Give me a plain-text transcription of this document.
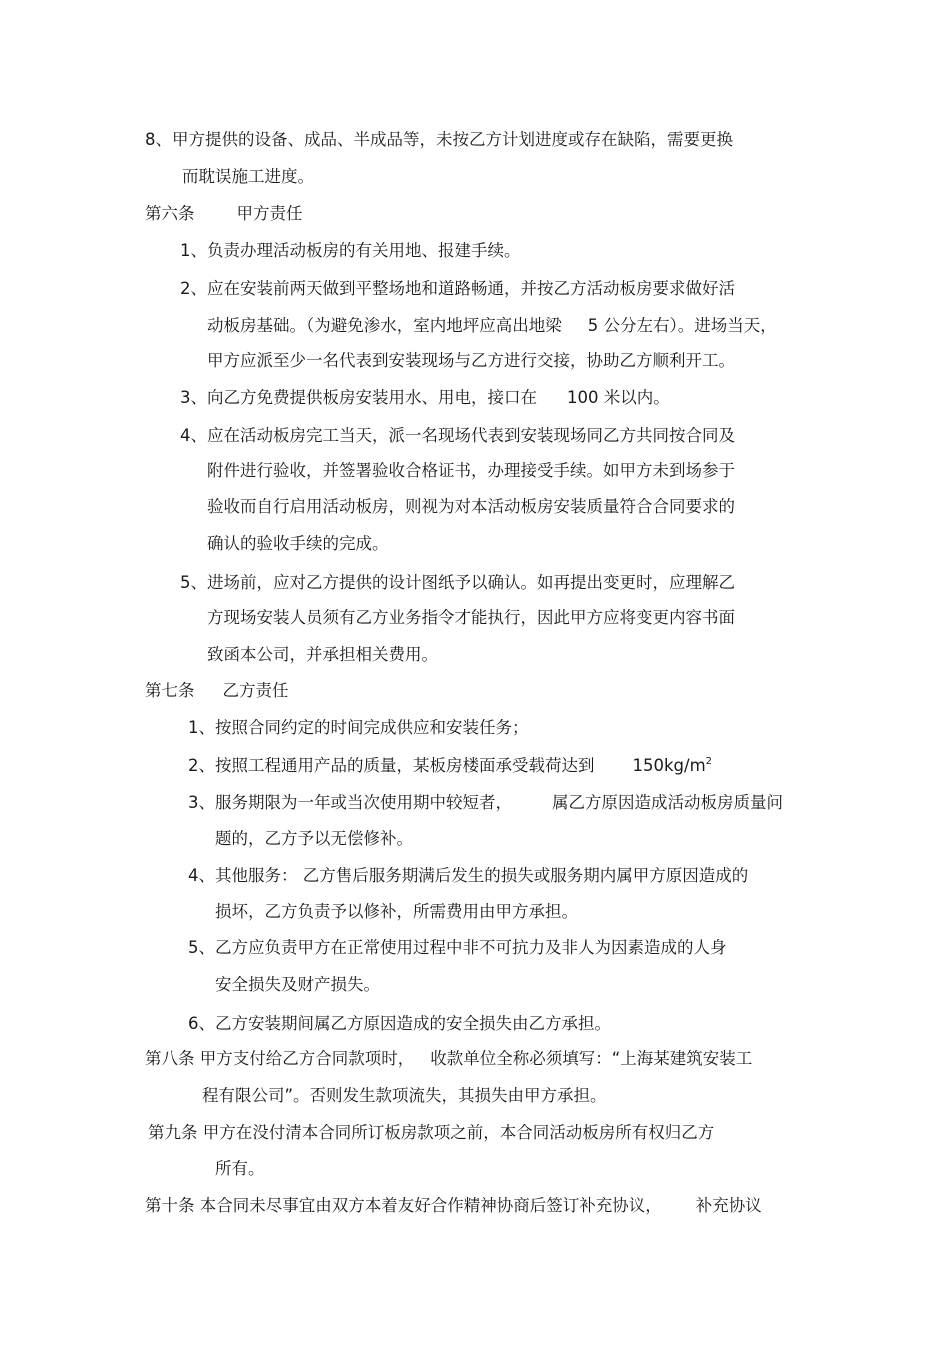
8、甲方提供的设备、成品、半成品等，未按乙方计划进度或存在缺陷，需要更换
而耽误施工进度。
第六条	甲方责任
1、负责办理活动板房的有关用地、报建手续。
2、应在安装前两天做到平整场地和道路畅通，并按乙方活动板房要求做好活
动板房基础。（为避免渗水，室内地坪应高出地梁 5 公分左右）。进场当天，
甲方应派至少一名代表到安装现场与乙方进行交接，协助乙方顺利开工。
3、向乙方免费提供板房安装用水、用电，接口在 100 米以内。
4、应在活动板房完工当天，派一名现场代表到安装现场同乙方共同按合同及
附件进行验收，并签署验收合格证书，办理接受手续。如甲方未到场参于
验收而自行启用活动板房，则视为对本活动板房安装质量符合合同要求的
确认的验收手续的完成。
5、进场前，应对乙方提供的设计图纸予以确认。如再提出变更时，应理解乙
方现场安装人员须有乙方业务指令才能执行，因此甲方应将变更内容书面
致函本公司，并承担相关费用。
第七条 乙方责任
1、按照合同约定的时间完成供应和安装任务；
2、按照工程通用产品的质量，某板房楼面承受载荷达到 $150kg/m^2$
3、服务期限为一年或当次使用期中较短者， 属乙方原因造成活动板房质量问
题的，乙方予以无偿修补。
4、其他服务： 乙方售后服务期满后发生的损失或服务期内属甲方原因造成的
损坏，乙方负责予以修补，所需费用由甲方承担。
5、乙方应负责甲方在正常使用过程中非不可抗力及非人为因素造成的人身
安全损失及财产损失。
6、乙方安装期间属乙方原因造成的安全损失由乙方承担。
第八条 甲方支付给乙方合同款项时， 收款单位全称必须填写：“上海某建筑安装工
程有限公司”。否则发生款项流失，其损失由甲方承担。
第九条 甲方在没付清本合同所订板房款项之前，本合同活动板房所有权归乙方
所有。
第十条 本合同未尽事宜由双方本着友好合作精神协商后签订补充协议， 补充协议
